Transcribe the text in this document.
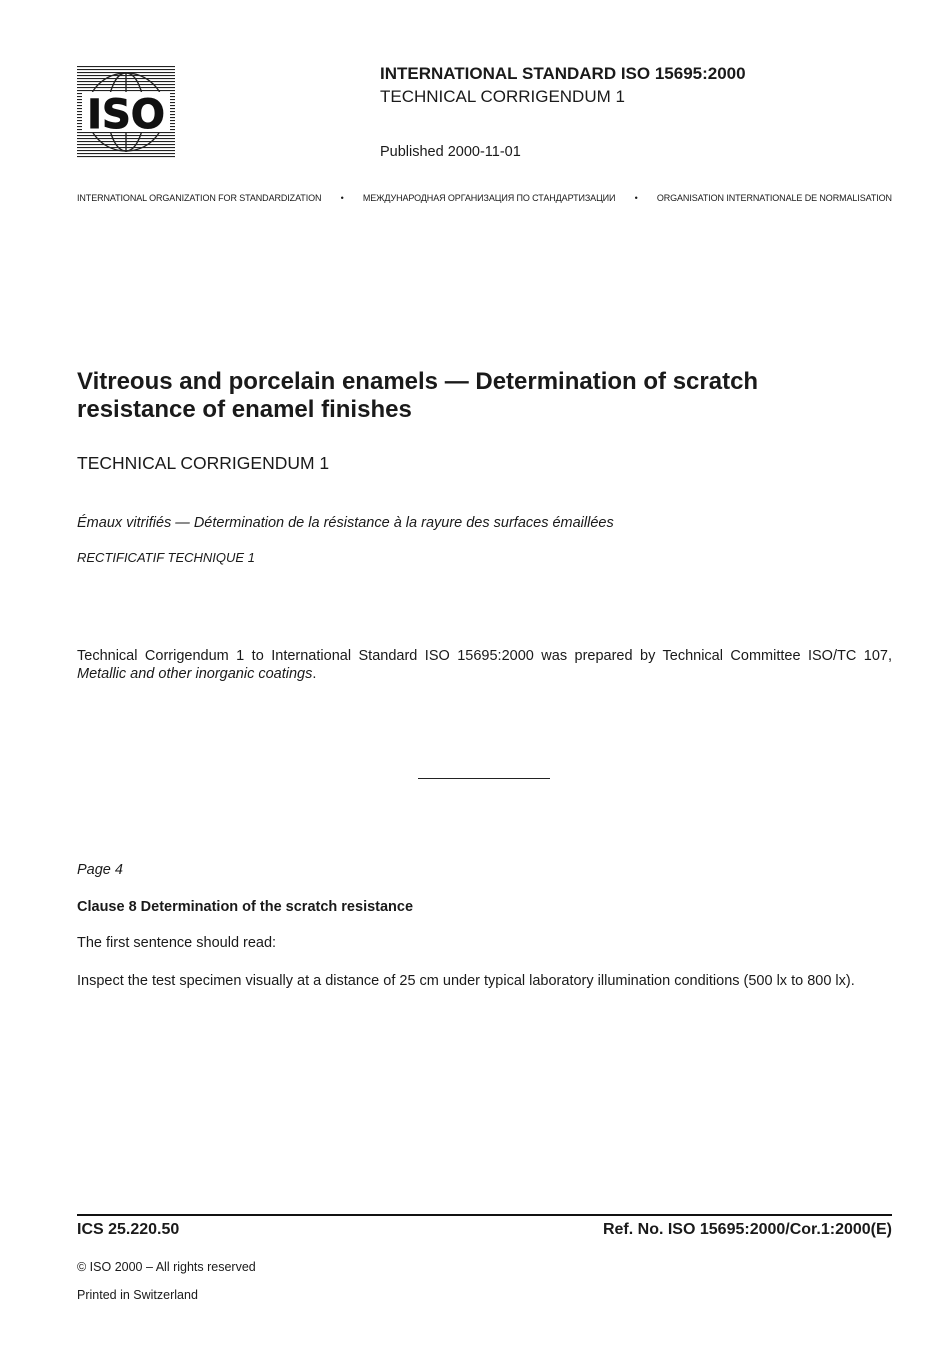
ISO
INTERNATIONAL STANDARD ISO 15695:2000
TECHNICAL CORRIGENDUM 1
Published 2000-11-01
INTERNATIONAL ORGANIZATION FOR STANDARDIZATION • МЕЖДУНАРОДНАЯ ОРГАНИЗАЦИЯ ПО СТАНДАРТИЗАЦИИ • ORGANISATION INTERNATIONALE DE NORMALISATION
Vitreous and porcelain enamels — Determination of scratch
resistance of enamel finishes
TECHNICAL CORRIGENDUM 1
Émaux vitrifiés — Détermination de la résistance à la rayure des surfaces émaillées
RECTIFICATIF TECHNIQUE 1
Technical Corrigendum 1 to International Standard ISO 15695:2000 was prepared by Technical Committee ISO/TC 107, Metallic and other inorganic coatings.
Page 4
Clause 8 Determination of the scratch resistance
The first sentence should read:
Inspect the test specimen visually at a distance of 25 cm under typical laboratory illumination conditions (500 lx to 800 lx).
ICS 25.220.50	Ref. No. ISO 15695:2000/Cor.1:2000(E)
© ISO 2000 – All rights reserved
Printed in Switzerland
